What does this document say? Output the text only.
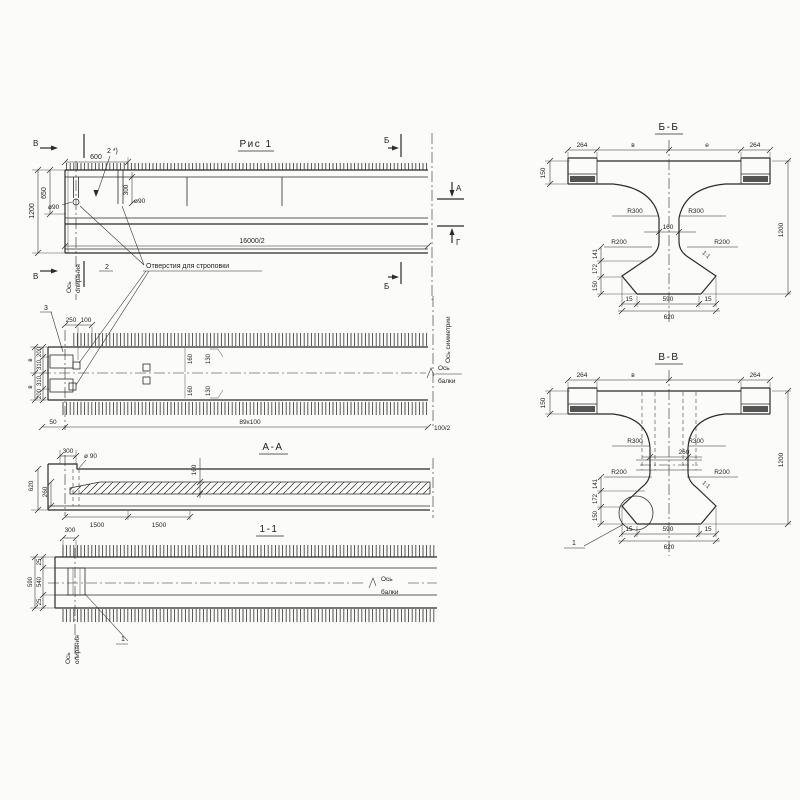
Рис 1
600
2 *)
650
1200
300
ø90
ø90
16000/2
В
В
Б
Б
А
Г
Ось опирания	2	Отверстия для строповки
250 100
200
310
310
200
в
в
160 130
160 130
50	89х100
100/2
Ось симметрии
Ось
балки
3
А-А
300
ø 90
160
620
260
1500	1500	1-1
300
25
540
25
590	Ось
балки
1
Ось опирания
Б-Б
264	в	е	264
150
R300	R300
160
R200	R200
1:1
141
172
150
1200
15	590	15
620
В-В
264	в	264
150
R300	R300
260
R200	R200
1:1
141
172
150
1200
15	590	15
620
1
